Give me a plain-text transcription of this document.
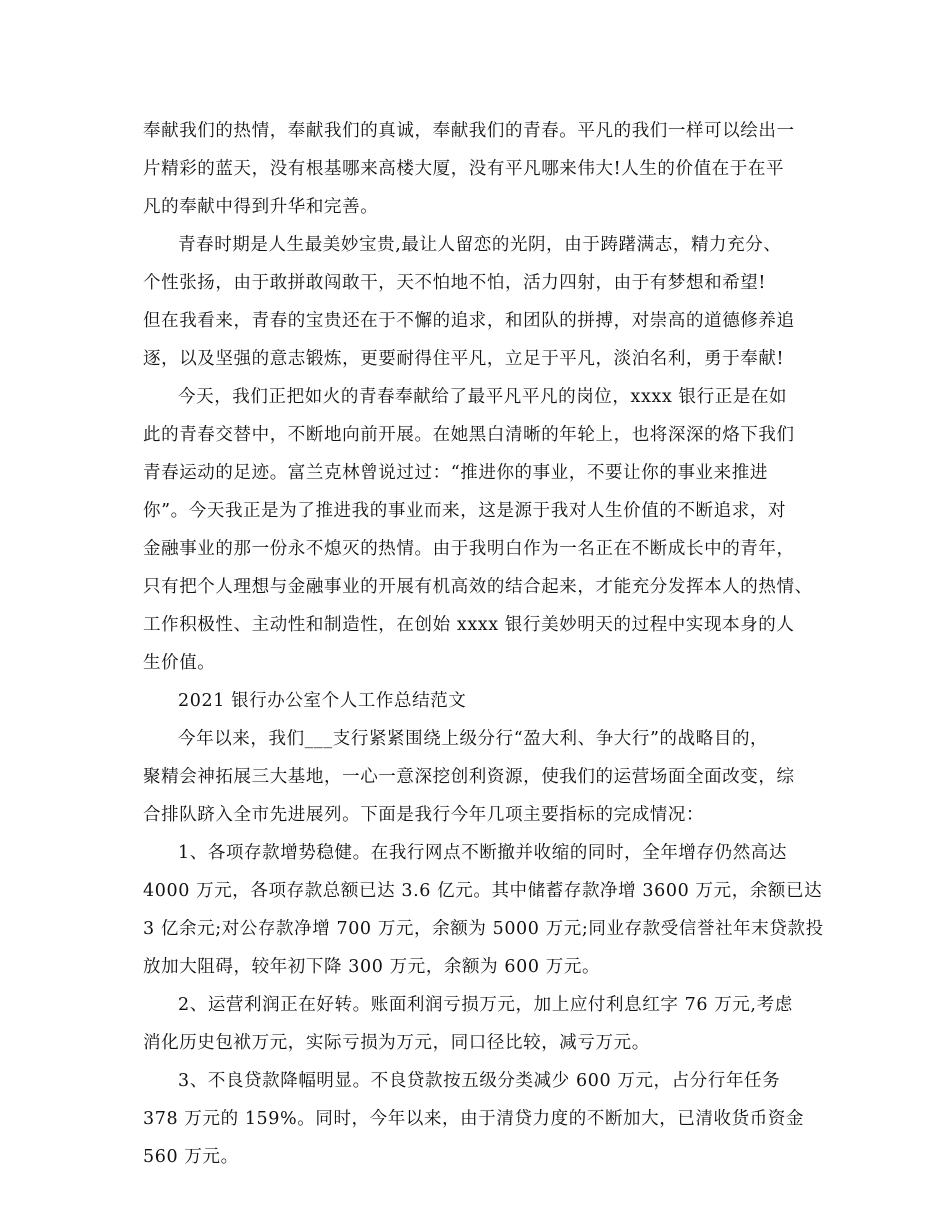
奉献我们的热情，奉献我们的真诚，奉献我们的青春。平凡的我们一样可以绘出一
片精彩的蓝天，没有根基哪来高楼大厦，没有平凡哪来伟大!人生的价值在于在平
凡的奉献中得到升华和完善。
青春时期是人生最美妙宝贵,最让人留恋的光阴，由于踌躇满志，精力充分、
个性张扬，由于敢拼敢闯敢干，天不怕地不怕，活力四射，由于有梦想和希望!
但在我看来，青春的宝贵还在于不懈的追求，和团队的拼搏，对崇高的道德修养追
逐，以及坚强的意志锻炼，更要耐得住平凡，立足于平凡，淡泊名利，勇于奉献!
今天，我们正把如火的青春奉献给了最平凡平凡的岗位，xxxx 银行正是在如
此的青春交替中，不断地向前开展。在她黑白清晰的年轮上，也将深深的烙下我们
青春运动的足迹。富兰克林曾说过过：“推进你的事业，不要让你的事业来推进
你”。今天我正是为了推进我的事业而来，这是源于我对人生价值的不断追求，对
金融事业的那一份永不熄灭的热情。由于我明白作为一名正在不断成长中的青年，
只有把个人理想与金融事业的开展有机高效的结合起来，才能充分发挥本人的热情、
工作积极性、主动性和制造性，在创始 xxxx 银行美妙明天的过程中实现本身的人
生价值。
2021 银行办公室个人工作总结范文
今年以来，我们___支行紧紧围绕上级分行“盈大利、争大行”的战略目的，
聚精会神拓展三大基地，一心一意深挖创利资源，使我们的运营场面全面改变，综
合排队跻入全市先进展列。下面是我行今年几项主要指标的完成情况：
1、各项存款增势稳健。在我行网点不断撤并收缩的同时，全年增存仍然高达
4000 万元，各项存款总额已达 3.6 亿元。其中储蓄存款净增 3600 万元，余额已达
3 亿余元;对公存款净增 700 万元，余额为 5000 万元;同业存款受信誉社年末贷款投
放加大阻碍，较年初下降 300 万元，余额为 600 万元。
2、运营利润正在好转。账面利润亏损万元，加上应付利息红字 76 万元,考虑
消化历史包袱万元，实际亏损为万元，同口径比较，减亏万元。
3、不良贷款降幅明显。不良贷款按五级分类减少 600 万元，占分行年任务
378 万元的 159%。同时，今年以来，由于清贷力度的不断加大，已清收货币资金
560 万元。
